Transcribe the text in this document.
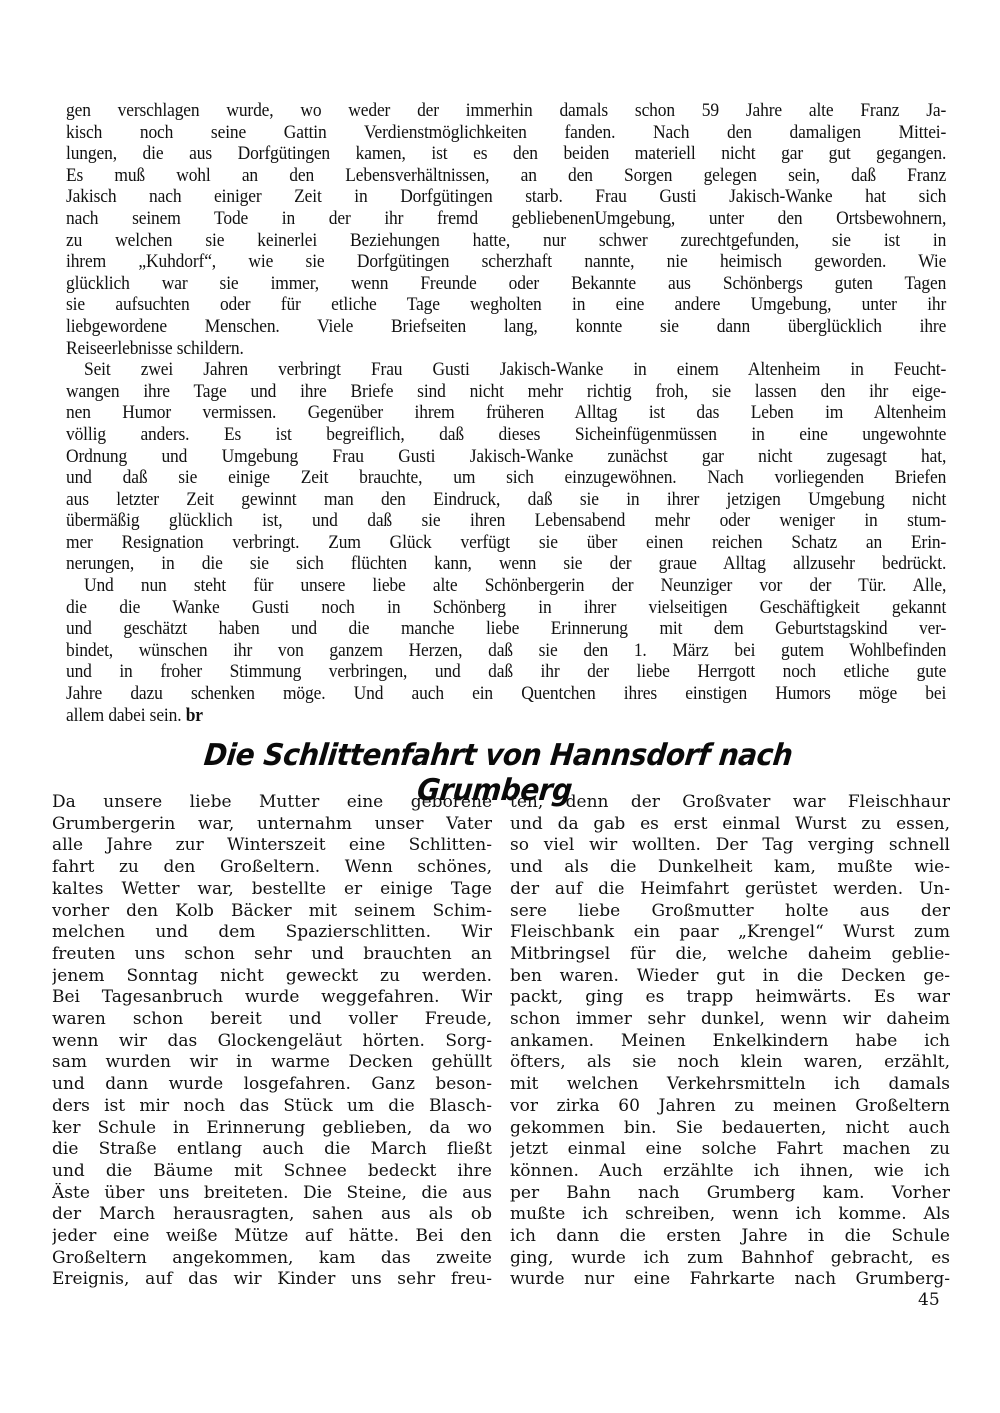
gen verschlagen wurde, wo weder der immerhin damals schon 59 Jahre alte Franz Ja-
kisch noch seine Gattin Verdienstmöglichkeiten fanden. Nach den damaligen Mittei-
lungen, die aus Dorfgütingen kamen, ist es den beiden materiell nicht gar gut gegangen.
Es muß wohl an den Lebensverhältnissen, an den Sorgen gelegen sein, daß Franz
Jakisch nach einiger Zeit in Dorfgütingen starb. Frau Gusti Jakisch-Wanke hat sich
nach seinem Tode in der ihr fremd gebliebenenUmgebung, unter den Ortsbewohnern,
zu welchen sie keinerlei Beziehungen hatte, nur schwer zurechtgefunden, sie ist in
ihrem „Kuhdorf“, wie sie Dorfgütingen scherzhaft nannte, nie heimisch geworden. Wie
glücklich war sie immer, wenn Freunde oder Bekannte aus Schönbergs guten Tagen
sie aufsuchten oder für etliche Tage wegholten in eine andere Umgebung, unter ihr
liebgewordene Menschen. Viele Briefseiten lang, konnte sie dann überglücklich ihre
Reiseerlebnisse schildern.

Seit zwei Jahren verbringt Frau Gusti Jakisch-Wanke in einem Altenheim in Feucht-
wangen ihre Tage und ihre Briefe sind nicht mehr richtig froh, sie lassen den ihr eige-
nen Humor vermissen. Gegenüber ihrem früheren Alltag ist das Leben im Altenheim
völlig anders. Es ist begreiflich, daß dieses Sicheinfügenmüssen in eine ungewohnte
Ordnung und Umgebung Frau Gusti Jakisch-Wanke zunächst gar nicht zugesagt hat,
und daß sie einige Zeit brauchte, um sich einzugewöhnen. Nach vorliegenden Briefen
aus letzter Zeit gewinnt man den Eindruck, daß sie in ihrer jetzigen Umgebung nicht
übermäßig glücklich ist, und daß sie ihren Lebensabend mehr oder weniger in stum-
mer Resignation verbringt. Zum Glück verfügt sie über einen reichen Schatz an Erin-
nerungen, in die sie sich flüchten kann, wenn sie der graue Alltag allzusehr bedrückt.

Und nun steht für unsere liebe alte Schönbergerin der Neunziger vor der Tür. Alle,
die die Wanke Gusti noch in Schönberg in ihrer vielseitigen Geschäftigkeit gekannt
und geschätzt haben und die manche liebe Erinnerung mit dem Geburtstagskind ver-
bindet, wünschen ihr von ganzem Herzen, daß sie den 1. März bei gutem Wohlbefinden
und in froher Stimmung verbringen, und daß ihr der liebe Herrgott noch etliche gute
Jahre dazu schenken möge. Und auch ein Quentchen ihres einstigen Humors möge bei
allem dabei sein. br

Die Schlittenfahrt von Hannsdorf nach Grumberg
Da unsere liebe Mutter eine geborene
Grumbergerin war, unternahm unser Vater
alle Jahre zur Winterszeit eine Schlitten-
fahrt zu den Großeltern. Wenn schönes,
kaltes Wetter war, bestellte er einige Tage
vorher den Kolb Bäcker mit seinem Schim-
melchen und dem Spazierschlitten. Wir
freuten uns schon sehr und brauchten an
jenem Sonntag nicht geweckt zu werden.
Bei Tagesanbruch wurde weggefahren. Wir
waren schon bereit und voller Freude,
wenn wir das Glockengeläut hörten. Sorg-
sam wurden wir in warme Decken gehüllt
und dann wurde losgefahren. Ganz beson-
ders ist mir noch das Stück um die Blasch-
ker Schule in Erinnerung geblieben, da wo
die Straße entlang auch die March fließt
und die Bäume mit Schnee bedeckt ihre
Äste über uns breiteten. Die Steine, die aus
der March herausragten, sahen aus als ob
jeder eine weiße Mütze auf hätte. Bei den
Großeltern angekommen, kam das zweite
Ereignis, auf das wir Kinder uns sehr freu-
ten, denn der Großvater war Fleischhaur
und da gab es erst einmal Wurst zu essen,
so viel wir wollten. Der Tag verging schnell
und als die Dunkelheit kam, mußte wie-
der auf die Heimfahrt gerüstet werden. Un-
sere liebe Großmutter holte aus der
Fleischbank ein paar „Krengel“ Wurst zum
Mitbringsel für die, welche daheim geblie-
ben waren. Wieder gut in die Decken ge-
packt, ging es trapp heimwärts. Es war
schon immer sehr dunkel, wenn wir daheim
ankamen. Meinen Enkelkindern habe ich
öfters, als sie noch klein waren, erzählt,
mit welchen Verkehrsmitteln ich damals
vor zirka 60 Jahren zu meinen Großeltern
gekommen bin. Sie bedauerten, nicht auch
jetzt einmal eine solche Fahrt machen zu
können. Auch erzählte ich ihnen, wie ich
per Bahn nach Grumberg kam. Vorher
mußte ich schreiben, wenn ich komme. Als
ich dann die ersten Jahre in die Schule
ging, wurde ich zum Bahnhof gebracht, es
wurde nur eine Fahrkarte nach Grumberg-
45
